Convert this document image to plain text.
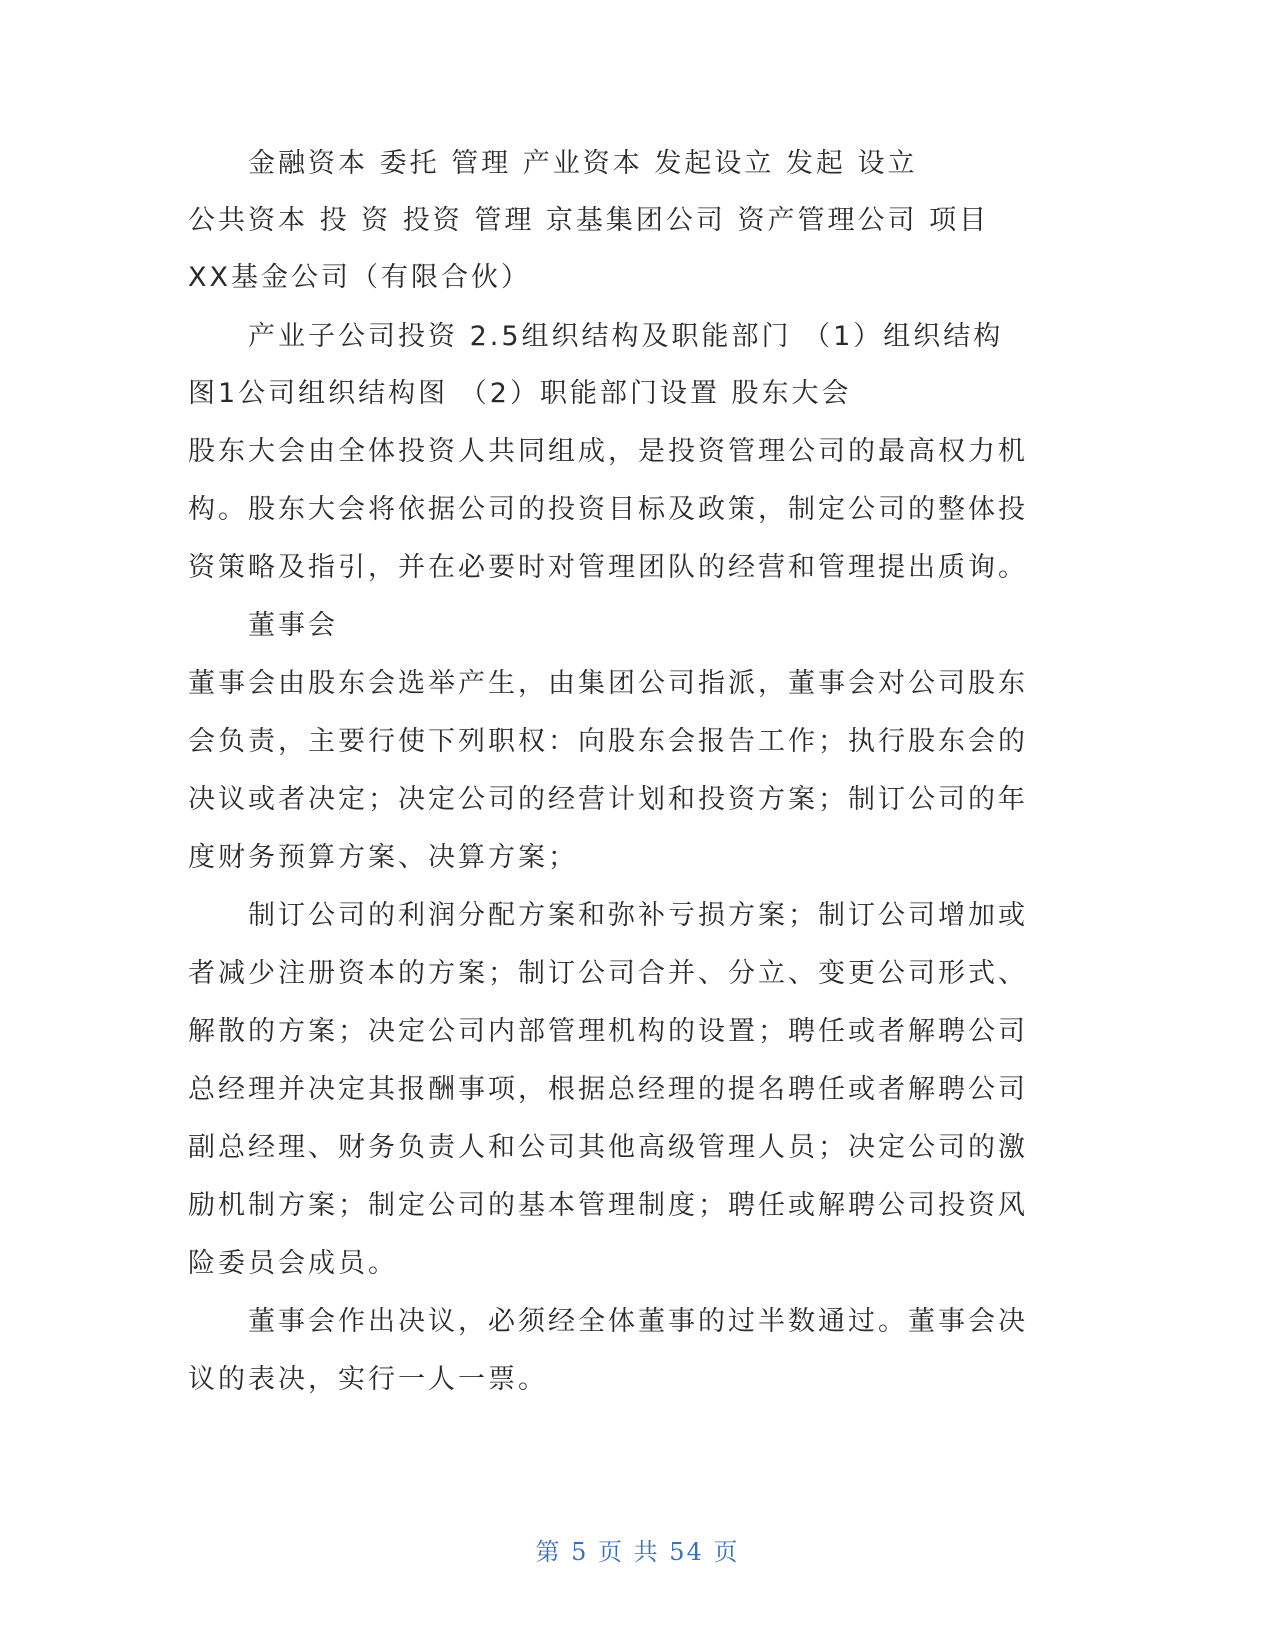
金融资本 委托 管理 产业资本 发起设立 发起 设立
公共资本 投 资 投资 管理 京基集团公司 资产管理公司 项目
XX基金公司（有限合伙）
产业子公司投资 2.5组织结构及职能部门 （1）组织结构
图1公司组织结构图 （2）职能部门设置 股东大会
股东大会由全体投资人共同组成，是投资管理公司的最高权力机
构。股东大会将依据公司的投资目标及政策，制定公司的整体投
资策略及指引，并在必要时对管理团队的经营和管理提出质询。
董事会
董事会由股东会选举产生，由集团公司指派，董事会对公司股东
会负责，主要行使下列职权：向股东会报告工作；执行股东会的
决议或者决定；决定公司的经营计划和投资方案；制订公司的年
度财务预算方案、决算方案；
制订公司的利润分配方案和弥补亏损方案；制订公司增加或
者减少注册资本的方案；制订公司合并、分立、变更公司形式、
解散的方案；决定公司内部管理机构的设置；聘任或者解聘公司
总经理并决定其报酬事项，根据总经理的提名聘任或者解聘公司
副总经理、财务负责人和公司其他高级管理人员；决定公司的激
励机制方案；制定公司的基本管理制度；聘任或解聘公司投资风
险委员会成员。
董事会作出决议，必须经全体董事的过半数通过。董事会决
议的表决，实行一人一票。
第 5 页 共 54 页
